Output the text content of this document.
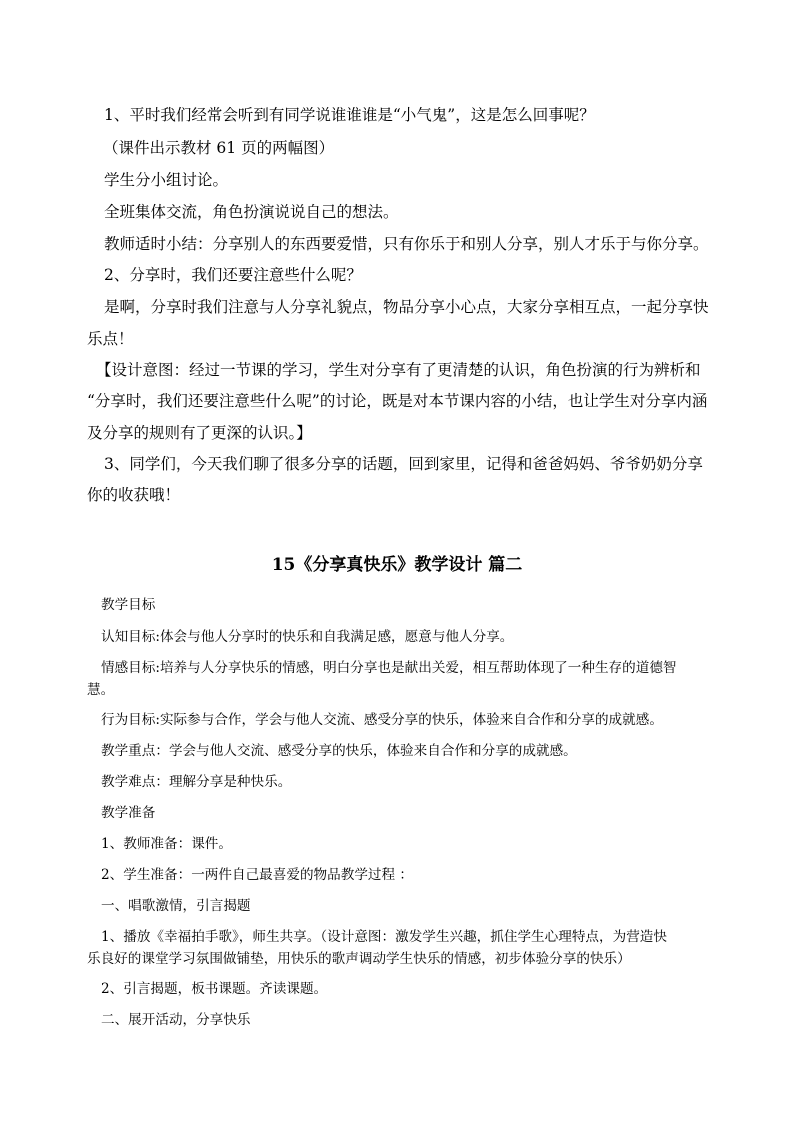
1、平时我们经常会听到有同学说谁谁谁是“小气鬼”，这是怎么回事呢？
（课件出示教材 61 页的两幅图）
学生分小组讨论。
全班集体交流，角色扮演说说自己的想法。
教师适时小结：分享别人的东西要爱惜，只有你乐于和别人分享，别人才乐于与你分享。
2、分享时，我们还要注意些什么呢？
是啊，分享时我们注意与人分享礼貌点，物品分享小心点，大家分享相互点，一起分享快
乐点！
【设计意图：经过一节课的学习，学生对分享有了更清楚的认识，角色扮演的行为辨析和
“分享时，我们还要注意些什么呢”的讨论，既是对本节课内容的小结，也让学生对分享内涵
及分享的规则有了更深的认识。】
3、同学们，今天我们聊了很多分享的话题，回到家里，记得和爸爸妈妈、爷爷奶奶分享
你的收获哦！
15《分享真快乐》教学设计 篇二
教学目标
认知目标:体会与他人分享时的快乐和自我满足感，愿意与他人分享。
情感目标:培养与人分享快乐的情感，明白分享也是献出关爱，相互帮助体现了一种生存的道德智
慧。
行为目标:实际参与合作，学会与他人交流、感受分享的快乐，体验来自合作和分享的成就感。
教学重点：学会与他人交流、感受分享的快乐，体验来自合作和分享的成就感。
教学难点：理解分享是种快乐。
教学准备
1、教师准备：课件。
2、学生准备：一两件自己最喜爱的物品教学过程 ：
一、唱歌激情，引言揭题
1、播放《幸福拍手歌》，师生共享。（设计意图：激发学生兴趣，抓住学生心理特点，为营造快
乐良好的课堂学习氛围做铺垫，用快乐的歌声调动学生快乐的情感，初步体验分享的快乐）
2、引言揭题，板书课题。齐读课题。
二、展开活动，分享快乐
